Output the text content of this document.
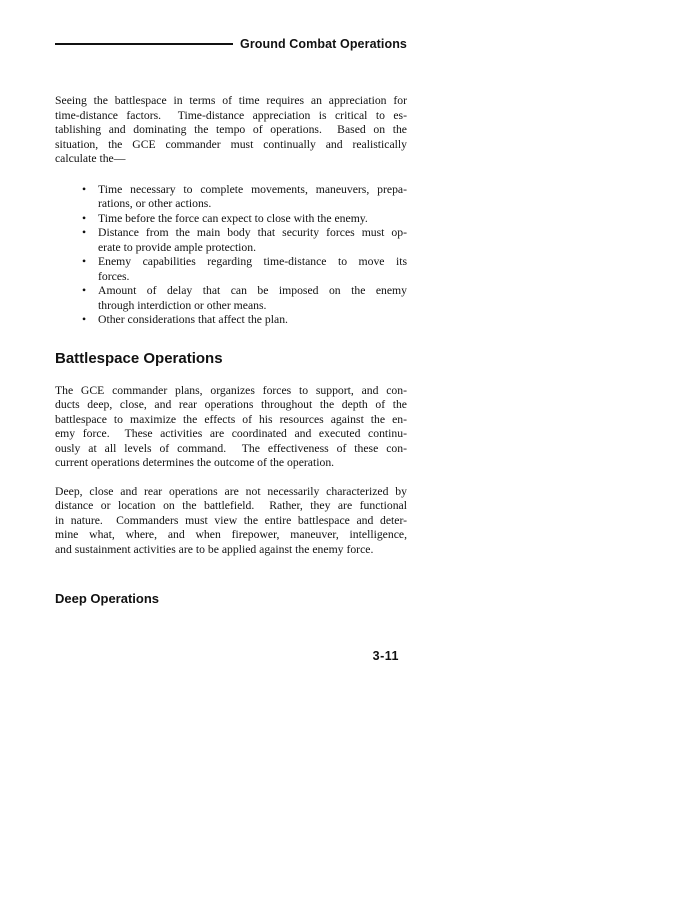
Ground Combat Operations

Seeing the battlespace in terms of time requires an appreciation for
time-distance factors.  Time-distance appreciation is critical to es-
tablishing and dominating the tempo of operations.  Based on the
situation, the GCE commander must continually and realistically
calculate the—

•	Time necessary to complete movements, maneuvers, prepa-
rations, or other actions.
•	Time before the force can expect to close with the enemy.
•	Distance from the main body that security forces must op-
erate to provide ample protection.
•	Enemy capabilities regarding time-distance to move its
forces.
•	Amount of delay that can be imposed on the enemy
through interdiction or other means.
•	Other considerations that affect the plan.
Battlespace Operations

The GCE commander plans, organizes forces to support, and con-
ducts deep, close, and rear operations throughout the depth of the
battlespace to maximize the effects of his resources against the en-
emy force.  These activities are coordinated and executed continu-
ously at all levels of command.  The effectiveness of these con-
current operations determines the outcome of the operation.

Deep, close and rear operations are not necessarily characterized by
distance or location on the battlefield.  Rather, they are functional
in nature.  Commanders must view the entire battlespace and deter-
mine what, where, and when firepower, maneuver, intelligence,
and sustainment activities are to be applied against the enemy force.

Deep Operations
3-11
